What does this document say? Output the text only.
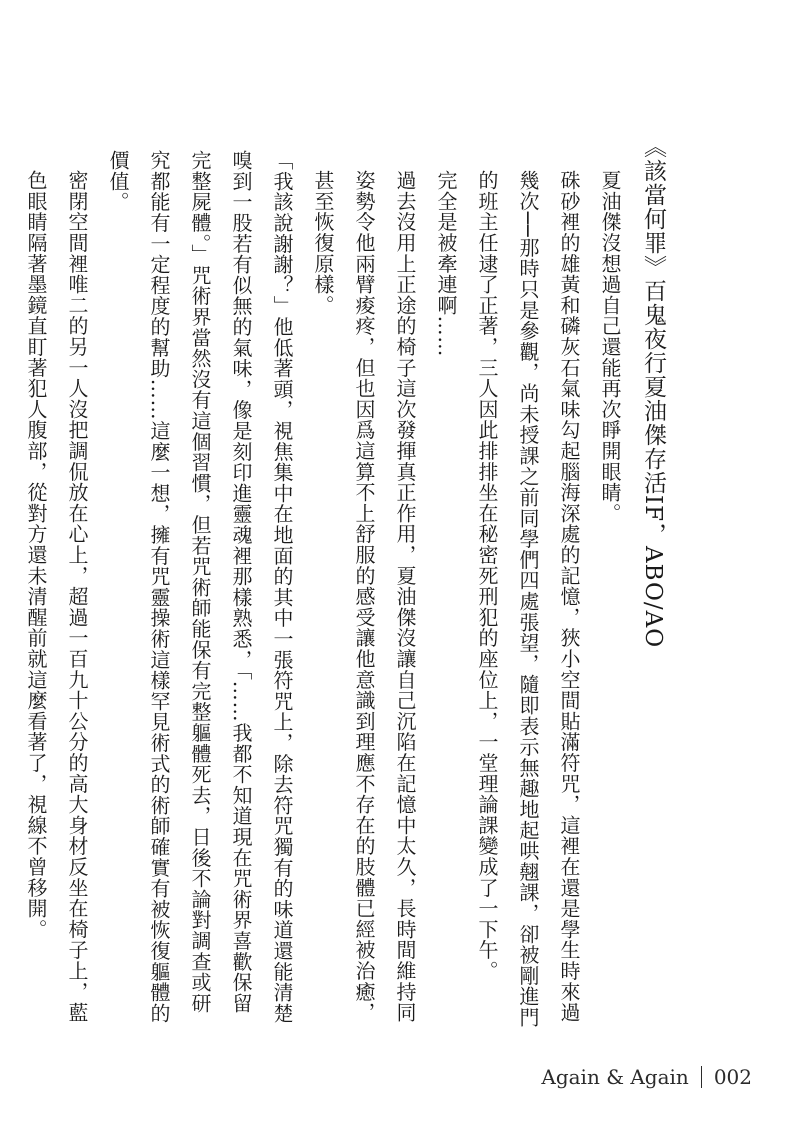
《該當何罪》百鬼夜行夏油傑存活IF，ABO/AO

夏油傑沒想過自己還能再次睜開眼睛。

硃砂裡的雄黃和磷灰石氣味勾起腦海深處的記憶，狹小空間貼滿符咒，這裡在還是學生時來過幾次──那時只是參觀，尚未授課之前同學們四處張望，隨即表示無趣地起哄翹課，卻被剛進門的班主任逮了正著，三人因此排排坐在秘密死刑犯的座位上，一堂理論課變成了一下午。

完全是被牽連啊……

過去沒用上正途的椅子這次發揮真正作用，夏油傑沒讓自己沉陷在記憶中太久，長時間維持同姿勢令他兩臂痠疼，但也因爲這算不上舒服的感受讓他意識到理應不存在的肢體已經被治癒，甚至恢復原樣。

「我該說謝謝？」他低著頭，視焦集中在地面的其中一張符咒上，除去符咒獨有的味道還能清楚嗅到一股若有似無的氣味，像是刻印進靈魂裡那樣熟悉，「……我都不知道現在咒術界喜歡保留完整屍體。」咒術界當然沒有這個習慣，但若咒術師能保有完整軀體死去，日後不論對調查或研究都能有一定程度的幫助……這麼一想，擁有咒靈操術這樣罕見術式的術師確實有被恢復軀體的價值。

密閉空間裡唯二的另一人沒把調侃放在心上，超過一百九十公分的高大身材反坐在椅子上，藍色眼睛隔著墨鏡直盯著犯人腹部，從對方還未清醒前就這麼看著了，視線不曾移開。

Again & Again 002
